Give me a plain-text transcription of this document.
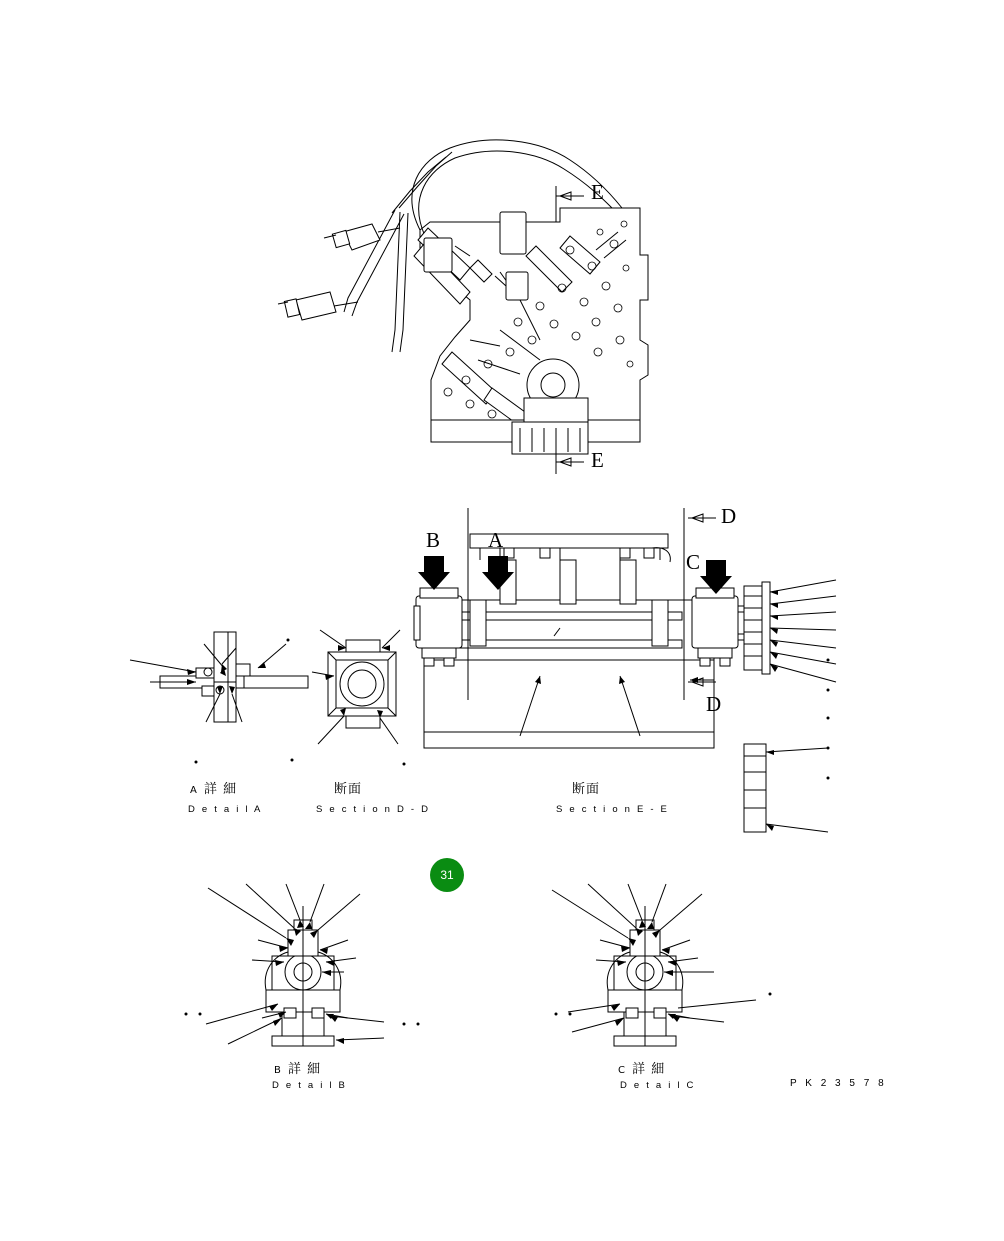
E
E
B A
C
D
D
A 詳 細
D e t a i l A
断面
S e c t i o n D - D
断面
S e c t i o n E - E
B 詳 細
D e t a i l B
C 詳 細
D e t a i l C	P K 2 3 5 7 8
31
